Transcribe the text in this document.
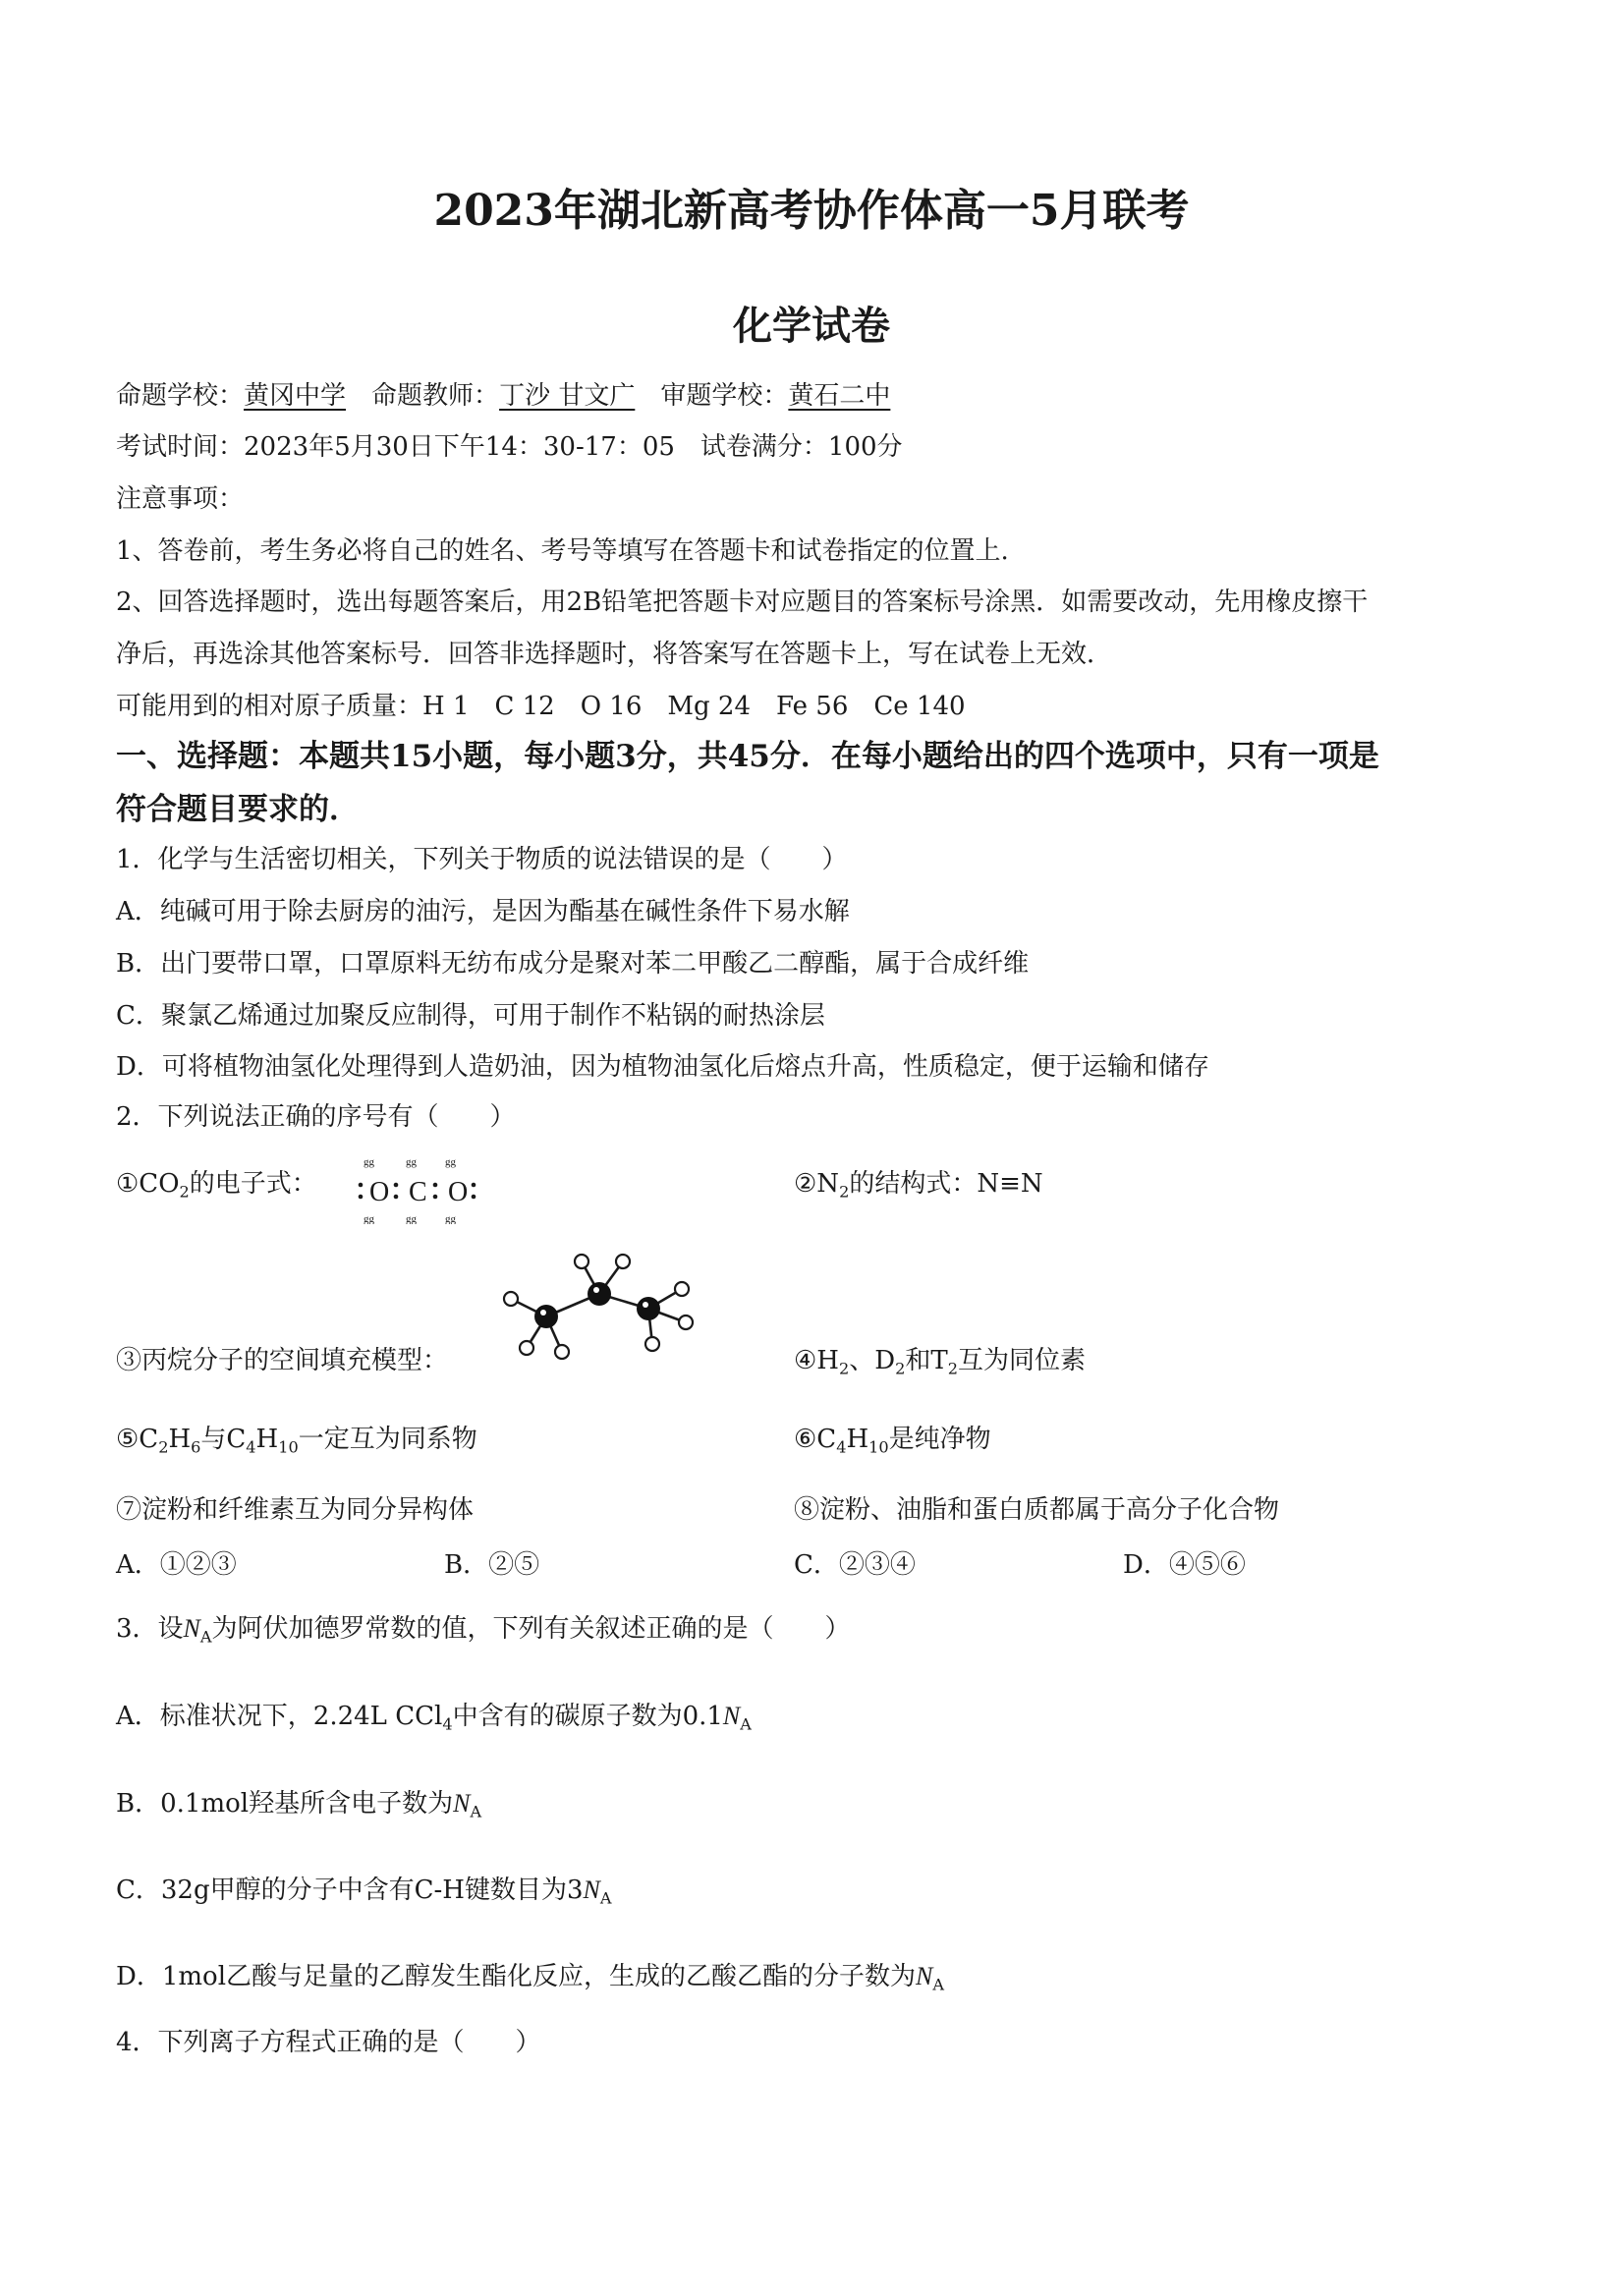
2023年湖北新高考协作体高一5月联考
化学试卷
命题学校：黄冈中学　 命题教师：丁沙 甘文广　 审题学校：黄石二中
考试时间：2023年5月30日下午14：30-17：05　试卷满分：100分
注意事项：
1、答卷前，考生务必将自己的姓名、考号等填写在答题卡和试卷指定的位置上.
2、回答选择题时，选出每题答案后，用2B铅笔把答题卡对应题目的答案标号涂黑．如需要改动，先用橡皮擦干
净后，再选涂其他答案标号．回答非选择题时，将答案写在答题卡上，写在试卷上无效．
可能用到的相对原子质量：H 1　C 12　O 16　Mg 24　Fe 56　Ce 140
一、选择题：本题共15小题，每小题3分，共45分．在每小题给出的四个选项中，只有一项是
符合题目要求的．
1．化学与生活密切相关，下列关于物质的说法错误的是（　　）
A．纯碱可用于除去厨房的油污，是因为酯基在碱性条件下易水解
B．出门要带口罩，口罩原料无纺布成分是聚对苯二甲酸乙二醇酯，属于合成纤维
C．聚氯乙烯通过加聚反应制得，可用于制作不粘锅的耐热涂层
D．可将植物油氢化处理得到人造奶油，因为植物油氢化后熔点升高，性质稳定，便于运输和储存
2．下列说法正确的序号有（　　）
$①CO_2$的电子式：
gg	gg	gg
gg	gg	gg
O C O	$②N_2$的结构式：N≡N
③丙烷分子的空间填充模型：	$④H_2$、$D_2$和$T_2$互为同位素
$⑤C_2H_6$与$C_4H_{10}$一定互为同系物	$⑥C_4H_{10}$是纯净物
⑦淀粉和纤维素互为同分异构体	⑧淀粉、油脂和蛋白质都属于高分子化合物
A．①②③	B．②⑤	C．②③④	D．④⑤⑥
3．设$N_A$为阿伏加德罗常数的值，下列有关叙述正确的是（　　）
A．标准状况下，2.24L CCl$_4$中含有的碳原子数为$0.1N_A$
B．0.1mol羟基所含电子数为$N_A$
C．32g甲醇的分子中含有C-H键数目为$3N_A$
D．1mol乙酸与足量的乙醇发生酯化反应，生成的乙酸乙酯的分子数为$N_A$
4．下列离子方程式正确的是（　　）
